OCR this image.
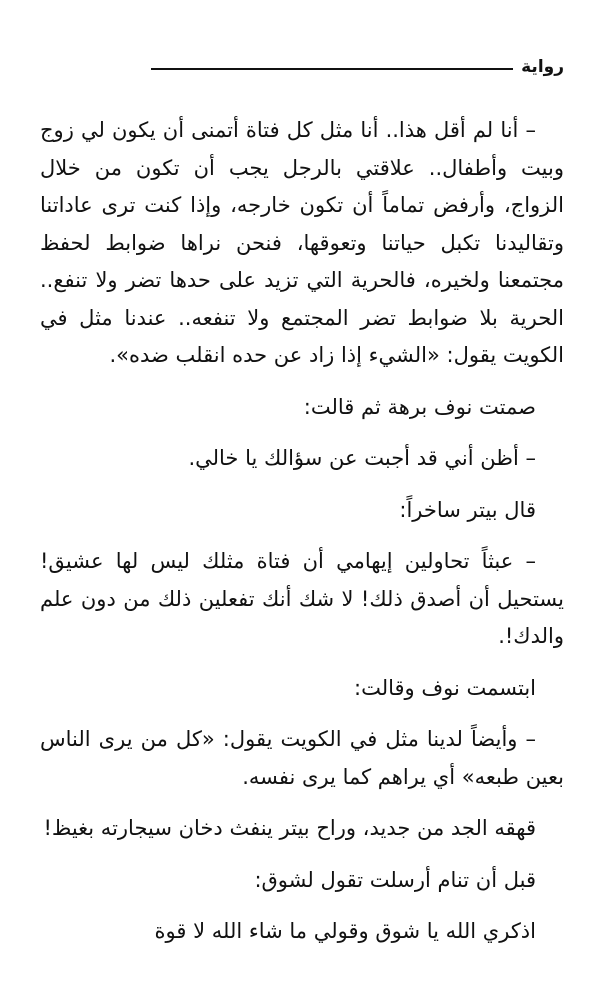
رواية

– أنا لم أقل هذا.. أنا مثل كل فتاة أتمنى أن يكون لي زوج وبيت وأطفال.. علاقتي بالرجل يجب أن تكون من خلال الزواج، وأرفض تماماً أن تكون خارجه، وإذا كنت ترى عاداتنا وتقاليدنا تكبل حياتنا وتعوقها، فنحن نراها ضوابط لحفظ مجتمعنا ولخيره، فالحرية التي تزيد على حدها تضر ولا تنفع.. الحرية بلا ضوابط تضر المجتمع ولا تنفعه.. عندنا مثل في الكويت يقول: «الشيء إذا زاد عن حده انقلب ضده».

صمتت نوف برهة ثم قالت:

– أظن أني قد أجبت عن سؤالك يا خالي.

قال بيتر ساخراً:

– عبثاً تحاولين إيهامي أن فتاة مثلك ليس لها عشيق! يستحيل أن أصدق ذلك! لا شك أنك تفعلين ذلك من دون علم والدك!.

ابتسمت نوف وقالت:

– وأيضاً لدينا مثل في الكويت يقول: «كل من يرى الناس بعين طبعه» أي يراهم كما يرى نفسه.

قهقه الجد من جديد، وراح بيتر ينفث دخان سيجارته بغيظ!

قبل أن تنام أرسلت تقول لشوق:

اذكري الله يا شوق وقولي ما شاء الله لا قوة
